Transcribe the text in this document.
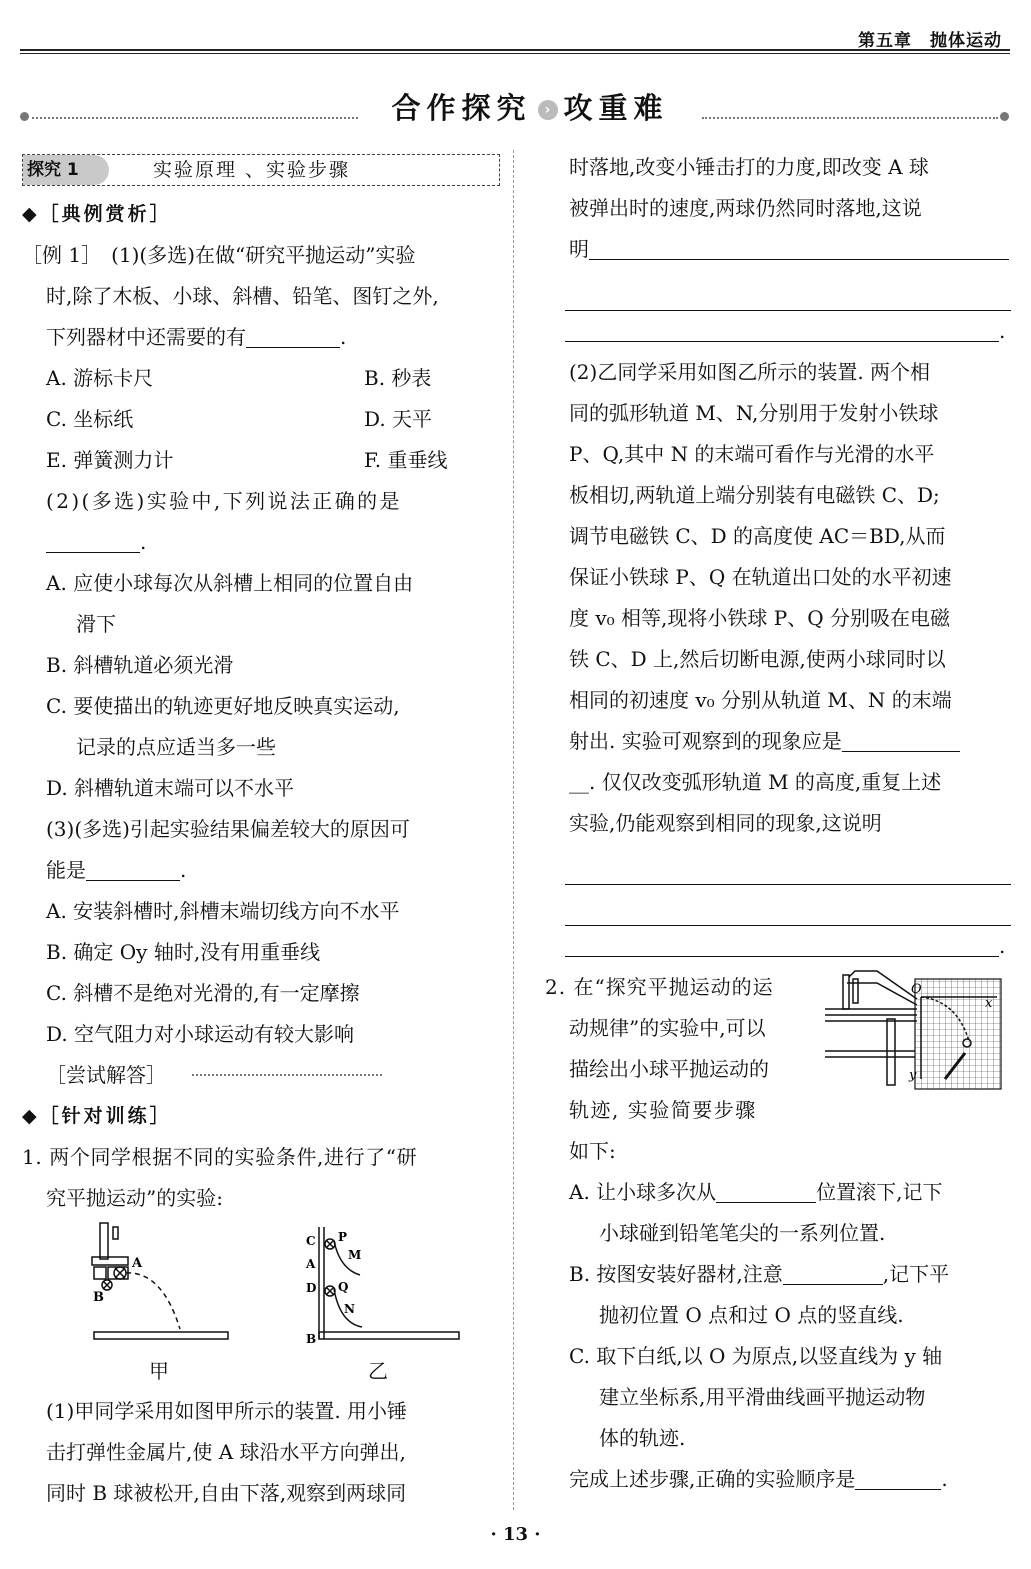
第五章　抛体运动
合作探究 › 攻重难
探究 1	实验原理 、实验步骤
◆［典例赏析］

［例 1］　(1)(多选)在做“研究平抛运动”实验

时,除了木板、小球、斜槽、铅笔、图钉之外,

下列器材中还需要的有	.

A. 游标卡尺	B. 秒表
C. 坐标纸	D. 天平
E. 弹簧测力计	F. 重垂线

(2)(多选)实验中,下列说法正确的是

.

A. 应使小球每次从斜槽上相同的位置自由

滑下

B. 斜槽轨道必须光滑

C. 要使描出的轨迹更好地反映真实运动,

记录的点应适当多一些

D. 斜槽轨道末端可以不水平

(3)(多选)引起实验结果偏差较大的原因可

能是	.

A. 安装斜槽时,斜槽末端切线方向不水平

B. 确定 Oy 轴时,没有用重垂线

C. 斜槽不是绝对光滑的,有一定摩擦

D. 空气阻力对小球运动有较大影响

［尝试解答］

◆［针对训练］

1. 两个同学根据不同的实验条件,进行了“研

究平抛运动”的实验:

A
B
C
A
D
B
P
M
Q
N
甲	乙

(1)甲同学采用如图甲所示的装置. 用小锤

击打弹性金属片,使 A 球沿水平方向弹出,

同时 B 球被松开,自由下落,观察到两球同

时落地,改变小锤击打的力度,即改变 A 球

被弹出时的速度,两球仍然同时落地,这说

明

.

(2)乙同学采用如图乙所示的装置. 两个相

同的弧形轨道 M、N,分别用于发射小铁球

P、Q,其中 N 的末端可看作与光滑的水平

板相切,两轨道上端分别装有电磁铁 C、D;

调节电磁铁 C、D 的高度使 AC＝BD,从而

保证小铁球 P、Q 在轨道出口处的水平初速

度 v₀ 相等,现将小铁球 P、Q 分别吸在电磁

铁 C、D 上,然后切断电源,使两小球同时以

相同的初速度 v₀ 分别从轨道 M、N 的末端

射出. 实验可观察到的现象应是

__. 仅仅改变弧形轨道 M 的高度,重复上述

实验,仍能观察到相同的现象,这说明

.

2. 在“探究平抛运动的运

动规律”的实验中,可以

描绘出小球平抛运动的

轨迹, 实验简要步骤

如下:

O
x
y

A. 让小球多次从	位置滚下,记下

小球碰到铅笔笔尖的一系列位置.

B. 按图安装好器材,注意	,记下平

抛初位置 O 点和过 O 点的竖直线.

C. 取下白纸,以 O 为原点,以竖直线为 y 轴

建立坐标系,用平滑曲线画平抛运动物

体的轨迹.

完成上述步骤,正确的实验顺序是	.

· 13 ·
